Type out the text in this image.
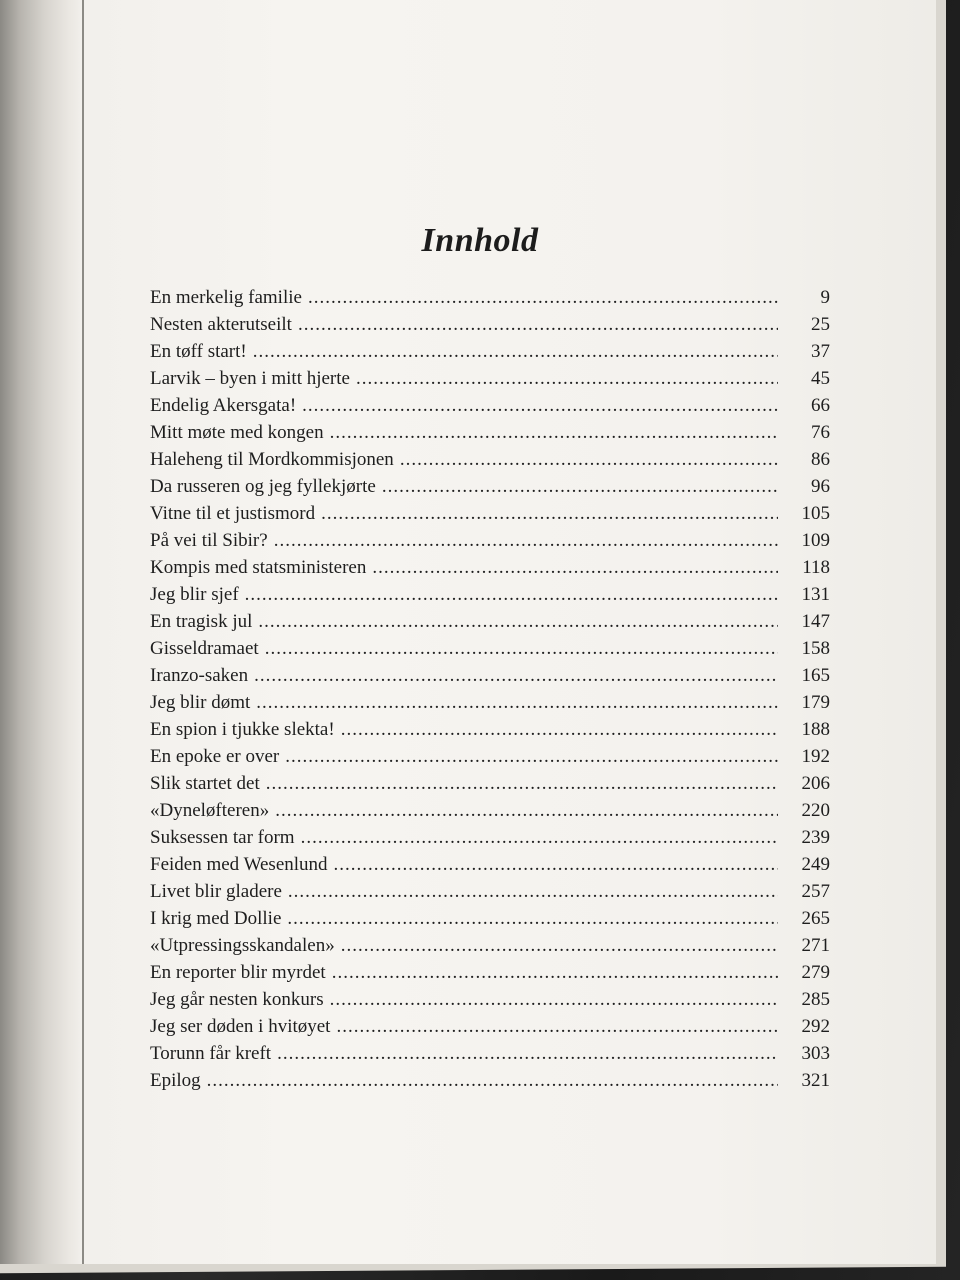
Innhold
En merkelig familie .....	9
Nesten akterutseilt .....	25
En tøff start! .....	37
Larvik – byen i mitt hjerte .....	45
Endelig Akersgata! .....	66
Mitt møte med kongen .....	76
Haleheng til Mordkommisjonen .....	86
Da russeren og jeg fyllekjørte .....	96
Vitne til et justismord .....	105
På vei til Sibir? .....	109
Kompis med statsministeren .....	118
Jeg blir sjef .....	131
En tragisk jul .....	147
Gisseldramaet .....	158
Iranzo-saken .....	165
Jeg blir dømt .....	179
En spion i tjukke slekta! .....	188
En epoke er over .....	192
Slik startet det .....	206
«Dyneløfteren» .....	220
Suksessen tar form .....	239
Feiden med Wesenlund .....	249
Livet blir gladere .....	257
I krig med Dollie .....	265
«Utpressingsskandalen» .....	271
En reporter blir myrdet .....	279
Jeg går nesten konkurs .....	285
Jeg ser døden i hvitøyet .....	292
Torunn får kreft .....	303
Epilog .....	321
